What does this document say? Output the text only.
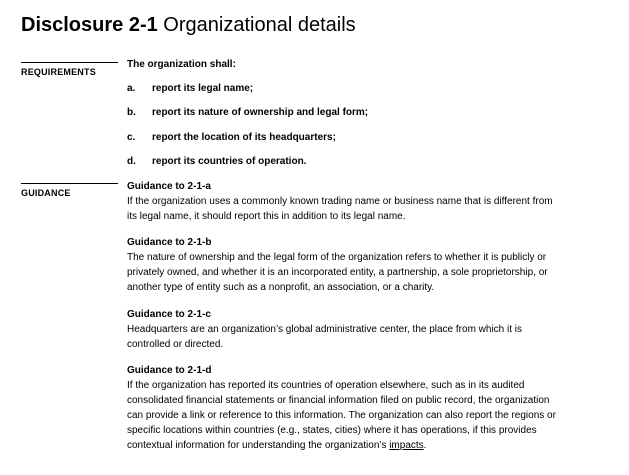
Disclosure 2-1 Organizational details
REQUIREMENTS
The organization shall:
a. report its legal name;
b. report its nature of ownership and legal form;
c. report the location of its headquarters;
d. report its countries of operation.
GUIDANCE
Guidance to 2-1-a
If the organization uses a commonly known trading name or business name that is different from
its legal name, it should report this in addition to its legal name.
Guidance to 2-1-b
The nature of ownership and the legal form of the organization refers to whether it is publicly or
privately owned, and whether it is an incorporated entity, a partnership, a sole proprietorship, or
another type of entity such as a nonprofit, an association, or a charity.
Guidance to 2-1-c
Headquarters are an organization’s global administrative center, the place from which it is
controlled or directed.
Guidance to 2-1-d
If the organization has reported its countries of operation elsewhere, such as in its audited
consolidated financial statements or financial information filed on public record, the organization
can provide a link or reference to this information. The organization can also report the regions or
specific locations within countries (e.g., states, cities) where it has operations, if this provides
contextual information for understanding the organization’s impacts.
